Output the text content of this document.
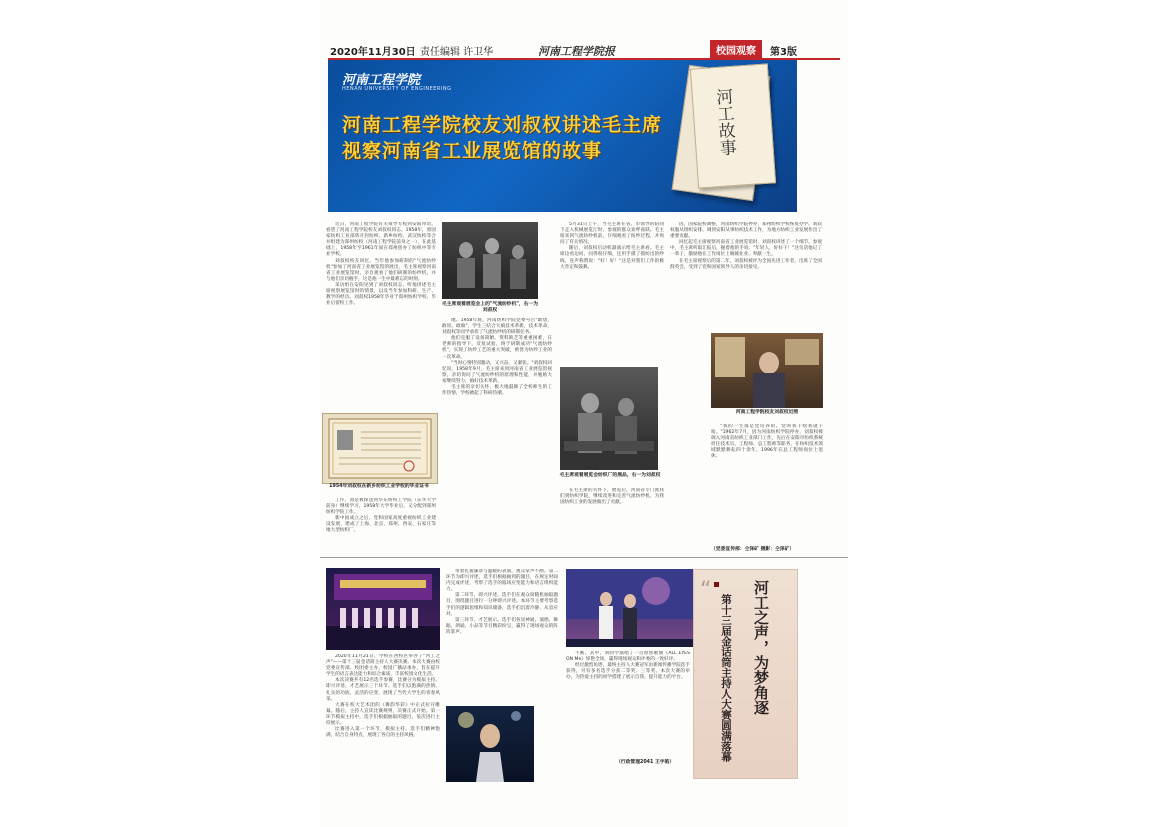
2020年11月30日 责任编辑 许卫华	河南工程学院报	校园观察	第3版
河南工程学院
HENAN UNIVERSITY OF ENGINEERING
河南工程学院校友刘叔权讲述毛主席
视察河南省工业展览馆的故事	河工故事

近日，河南工程学院有关领导专程到安阳拜访，看望了河南工程学院校友刘叔权同志。1958年，原国家纺织工业部将开封纺织、新乡纺校、武汉纺校等合并组建为郑州纺校（河南工程学院前身之一），在此基础上，1958年至1961年间在郑州创办了纺织中等专业学校。

刘叔权校友回忆，当年他参加研制的"气流纺纱机"参加了河南省工业展览馆的展出，毛主席视察河南省工业展览馆时，亲自观看了他们研制的纺纱机，并与他们亲切握手，这是他一生中最难忘的时刻。

采访组在安阳见到了刘叔权同志，听他讲述毛主席视察展览馆时的情景，以及当年参加科研、生产、教学的经历。刘叔权1958年毕业于郑州纺织学校，毕业后留校工作。

1954年刘叔权在新乡纺织工业学校的毕业证书

工作，而是被保送到华东纺织工学院（东华大学前身）继续学习，1958年大学毕业后，又分配到郑州纺织学院工作。

新中国成立之后，党和国家高度重视纺织工业建设发展，建成了上海、北京、郑州、西安、石家庄等地大型纺织厂。

毛主席观看展览会上的"气流纺纱机"，右一为刘叔权

地。1958年底，河南纺织学院党委号召"敢想、敢说、敢做"，学生三结合大搞技术革新，技术革命，刘叔权等同学承担了气流纺纱机的研制任务。

他们克服了设备简陋、资料缺乏等重重困难，在老师的指导下，反复试验，终于研制成功"气流纺纱机"，实现了纺纱工艺的重大突破，被誉为纺纱工业的一次革命。

"当时心情特别激动，又兴奋，又紧张。"刘叔权回忆说，1958年9月，毛主席来到河南省工业展览馆视察，亲切询问了气流纺纱机的原理和性能，并勉励大家继续努力，搞好技术革新。

毛主席的亲切关怀，极大地鼓舞了全校师生的工作热情，学校掀起了科研热潮。

5月31日上午，当毛主席在省、市领导的陪同下走入机械展览厅时，参观的群众欢呼雀跃。毛主席来到气流纺纱机前，仔细观看了纺纱过程，并询问了有关情况。

随后，刘叔权启动机器演示给毛主席看。毛主席边看边问，问得很仔细，还用手摸了摸纺出的纱线，连声称赞说："好！好！"这是对我们工作的极大肯定和鼓舞。

毛主席观看展览会纺织厂的展品，右一为刘叔权

在毛主席的关怀下，展览后，河南省专门派我们到纺织学院，继续改进和完善气流纺纱机，为我国纺织工业的发展做出了贡献。

因，国家院校调整，河南纺织学院停办，郑州纺织学校恢复办学。刘叔权服从组织安排，调到安阳从事纺织技术工作，为地方纺织工业发展作出了重要贡献。

回忆起毛主席视察河南省工业展览馆时，刘叔权讲述了一个细节。参观中，毛主席听取汇报后，握着他的手说："年轻人，好好干！"这句话他记了一辈子，激励他在工作岗位上兢兢业业、奉献一生。

在毛主席视察后的第二年，刘叔权被评为全国先进工作者，出席了全国群英会，受到了党和国家领导人的亲切接见。

河南工程学院校友刘叔权近照

"我的一生都是党培养的，党叫我干啥我就干啥。"1962年7月，因为河南纺织学院停办，刘叔权被调入河南省纺织工业部门工作，先后在安阳市纺织系统担任技术员、工程师、总工程师等职务，在纺织技术领域默默耕耘四十余年，1996年在总工程师岗位上退休。

（党委宣传部：仝泽矿 摄影：仝泽矿）

2020年11月21日，学校在西校区举办了"河工之声"——第十三届金话筒主持人大赛决赛。本次大赛由校党委宣传部、校团委主办，校园广播站承办，旨在提升学生的语言表达能力和综合素质，丰富校园文化生活。

本次决赛共有12名选手参赛，比赛分为模拟主持、即兴评述、才艺展示三个环节。选手们以饱满的热情、扎实的功底、灵活的应变，展现了当代大学生的青春风采。

大赛在校大艺术团的《舞韵华彩》中正式拉开帷幕。随后，主持人宣读比赛规则，决赛正式开始。第一环节模拟主持中，选手们根据抽取的题目，依次进行主持展示。

比赛进入第一个环节，模拟主持。选手们精神饱满，结合自身特点，展现了各自的主持风格。

带着礼貌谦恭与温暖的表演，观众掌声不断。第二环节为即兴评述，选手们根据抽到的题目，在规定时间内完成评述，考察了选手的临场应变能力和语言组织能力。

第二环节，即兴评述。选手们在观众席随机抽取题目，围绕题目进行一分钟即兴评述。本环节主要考察选手们的逻辑思维和知识储备，选手们沉着冷静，从容应对。

第三环节，才艺展示。选手们各显神通，演唱、舞蹈、朗诵、小品等节目精彩纷呈，赢得了现场观众的阵阵掌声。

不断。其中，刘同学演唱了一首原创歌曲《ALL EYES ON Me》惊艳全场，赢得现场观众和评委的一致好评。

经过激烈角逐，最终主持人大赛冠军由新闻传播学院选手获得，另有多名选手分获二等奖、三等奖。本次大赛的举办，为热爱主持的同学搭建了展示自我、提升能力的平台。

（行政管理2041 王宇皓）
“	河工之声，为梦角逐
第十三届金话筒主持人大赛圆满落幕
